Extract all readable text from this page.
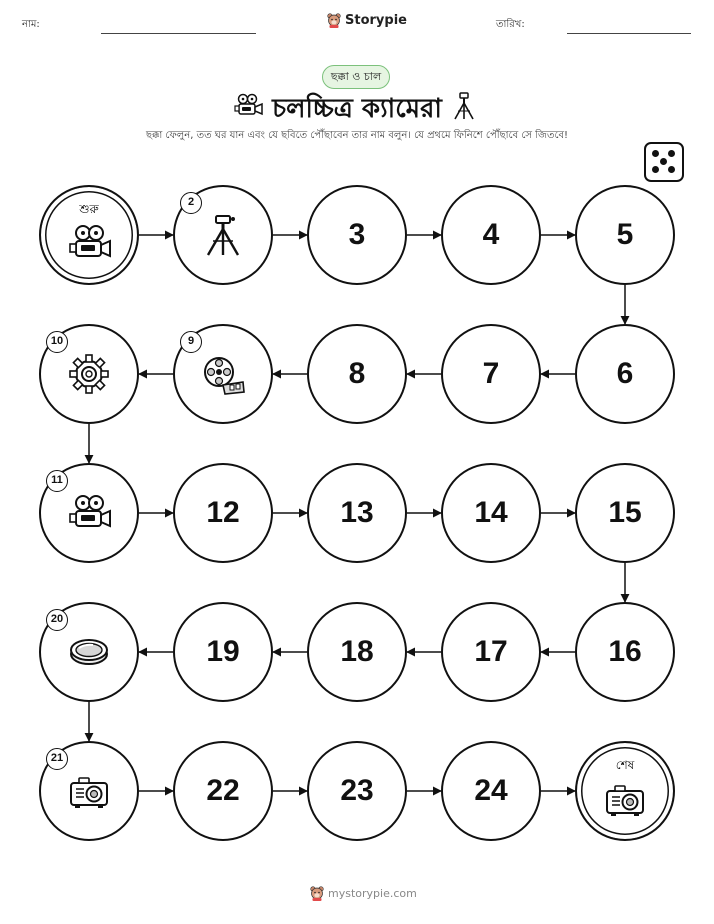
নাম:	Storypie	তারিখ:
ছক্কা ও চাল
চলচ্চিত্র ক্যামেরা
ছক্কা ফেলুন, তত ঘর যান এবং যে ছবিতে পৌঁছাবেন তার নাম বলুন। যে প্রথমে ফিনিশে পৌঁছাবে সে জিতবে!
শুরু	2
3	4	5
6
7
8
9
10
11
12	13	14	15
16
17
18
19
20
21
22	23	24
শেষ
mystorypie.com
